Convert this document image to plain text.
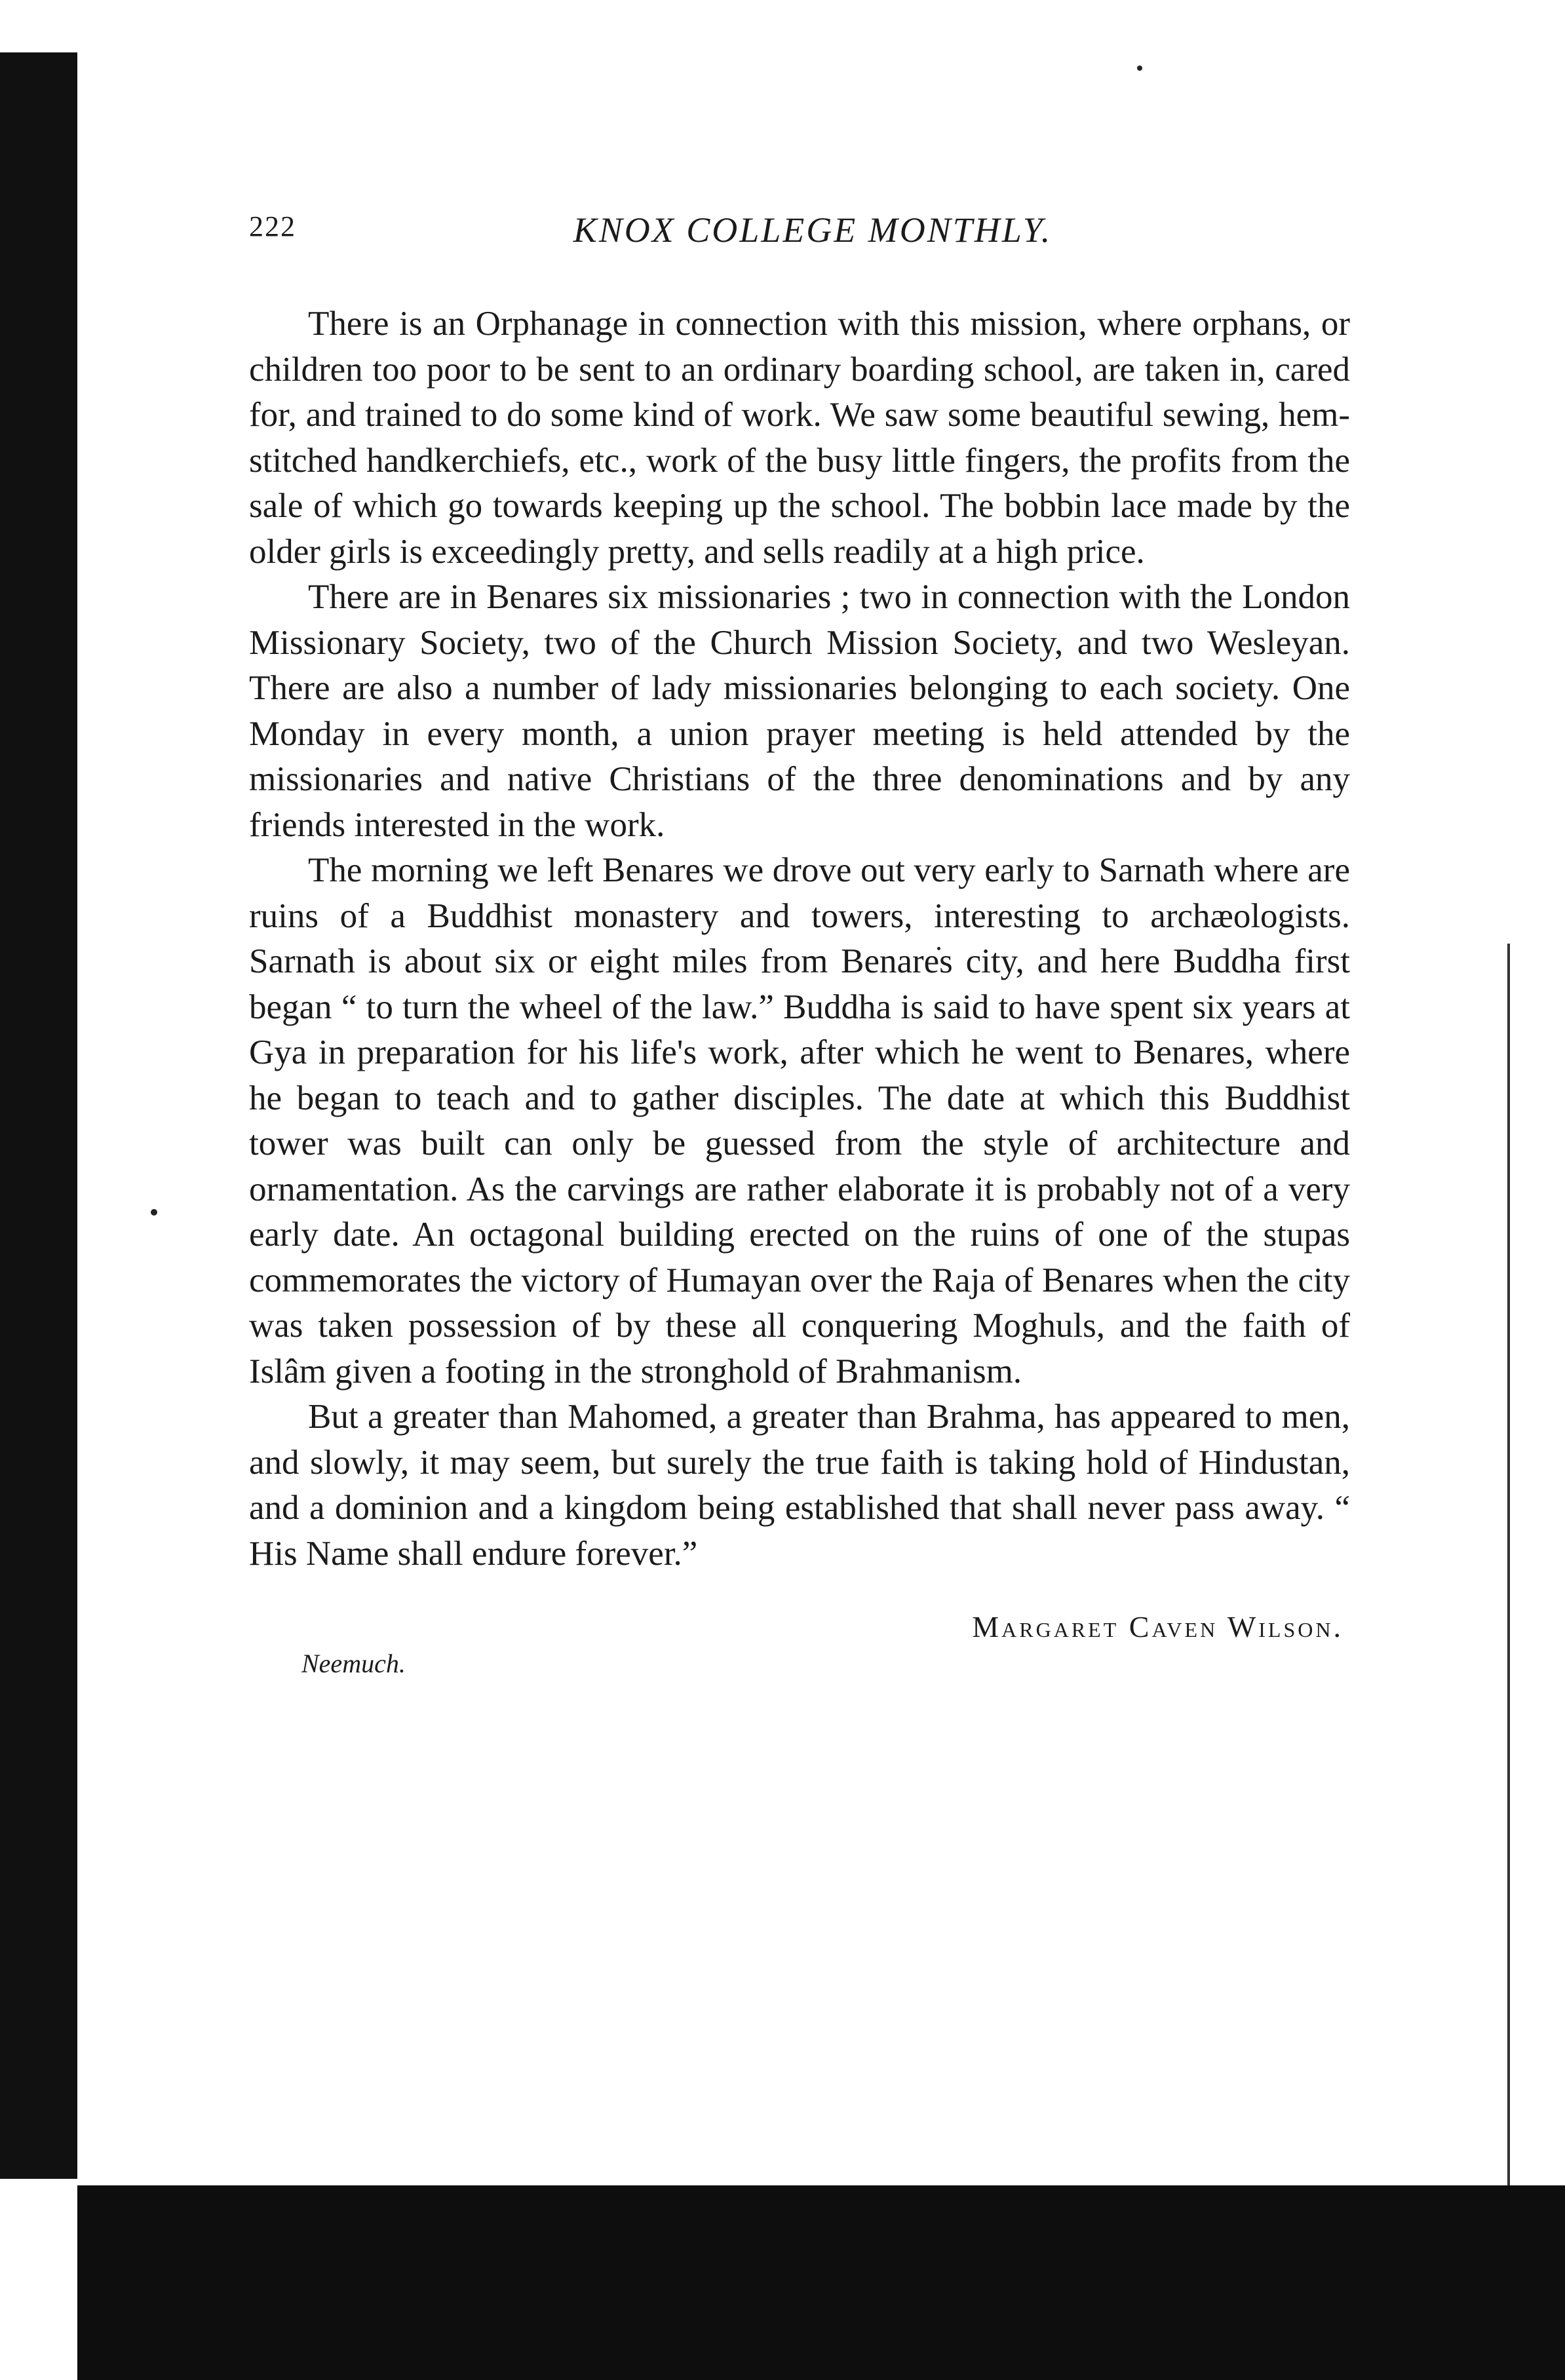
222	KNOX COLLEGE MONTHLY.

There is an Orphanage in connection with this mission, where orphans, or children too poor to be sent to an ordinary boarding school, are taken in, cared for, and trained to do some kind of work. We saw some beautiful sewing, hem-stitched handkerchiefs, etc., work of the busy little fingers, the profits from the sale of which go towards keeping up the school. The bobbin lace made by the older girls is exceedingly pretty, and sells readily at a high price.

There are in Benares six missionaries ; two in connection with the London Missionary Society, two of the Church Mission Society, and two Wesleyan. There are also a number of lady missionaries belonging to each society. One Monday in every month, a union prayer meeting is held attended by the missionaries and native Christians of the three denominations and by any friends interested in the work.

The morning we left Benares we drove out very early to Sarnath where are ruins of a Buddhist monastery and towers, interesting to archæologists. Sarnath is about six or eight miles from Benares city, and here Buddha first began “ to turn the wheel of the law.” Buddha is said to have spent six years at Gya in preparation for his life's work, after which he went to Benares, where he began to teach and to gather disciples. The date at which this Buddhist tower was built can only be guessed from the style of architecture and ornamentation. As the carvings are rather elaborate it is probably not of a very early date. An octagonal building erected on the ruins of one of the stupas commemorates the victory of Humayan over the Raja of Benares when the city was taken possession of by these all conquering Moghuls, and the faith of Islâm given a footing in the stronghold of Brahmanism.

But a greater than Mahomed, a greater than Brahma, has appeared to men, and slowly, it may seem, but surely the true faith is taking hold of Hindustan, and a dominion and a kingdom being established that shall never pass away. “ His Name shall endure forever.”

Margaret Caven Wilson.
Neemuch.
